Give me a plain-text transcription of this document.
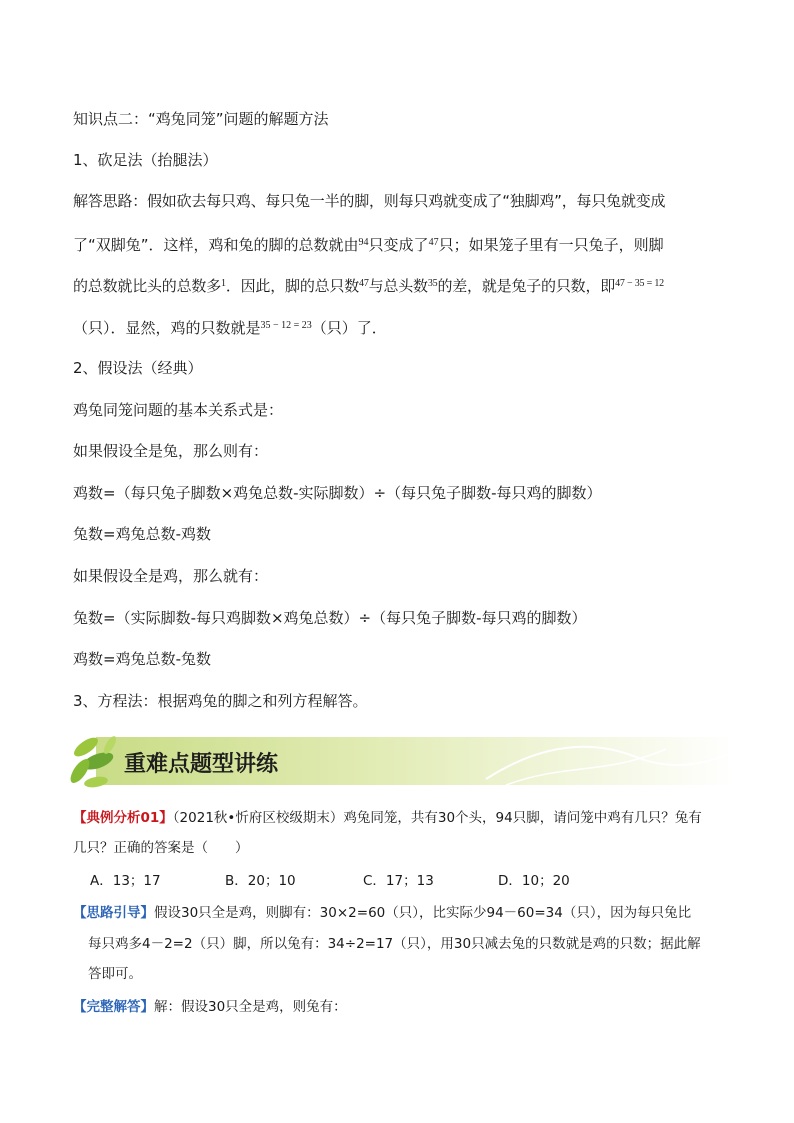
知识点二：“鸡兔同笼”问题的解题方法
1、砍足法（抬腿法）
解答思路：假如砍去每只鸡、每只兔一半的脚，则每只鸡就变成了“独脚鸡”，每只兔就变成
了“双脚兔”．这样，鸡和兔的脚的总数就由$^{94}$只变成了$^{47}$只；如果笼子里有一只兔子，则脚
的总数就比头的总数多$^1$．因此，脚的总只数$^{47}$与总头数$^{35}$的差，就是兔子的只数，即$^{47 - 35 = 12}$
（只）．显然，鸡的只数就是$^{35 - 12 = 23}$（只）了．
2、假设法（经典）
鸡兔同笼问题的基本关系式是：
如果假设全是兔，那么则有：
鸡数=（每只兔子脚数×鸡兔总数-实际脚数）÷（每只兔子脚数-每只鸡的脚数）
兔数=鸡兔总数-鸡数
如果假设全是鸡，那么就有：
兔数=（实际脚数-每只鸡脚数×鸡兔总数）÷（每只兔子脚数-每只鸡的脚数）
鸡数=鸡兔总数-兔数
3、方程法：根据鸡兔的脚之和列方程解答。
重难点题型讲练
【典例分析01】（2021秋•忻府区校级期末）鸡兔同笼，共有30个头，94只脚，请问笼中鸡有几只？兔有
几只？正确的答案是（　　）
A．13；17	B．20；10	C．17；13	D．10；20
【思路引导】假设30只全是鸡，则脚有：30×2=60（只），比实际少94－60=34（只），因为每只兔比
每只鸡多4－2=2（只）脚，所以兔有：34÷2=17（只），用30只减去兔的只数就是鸡的只数；据此解
答即可。
【完整解答】解：假设30只全是鸡，则兔有：
